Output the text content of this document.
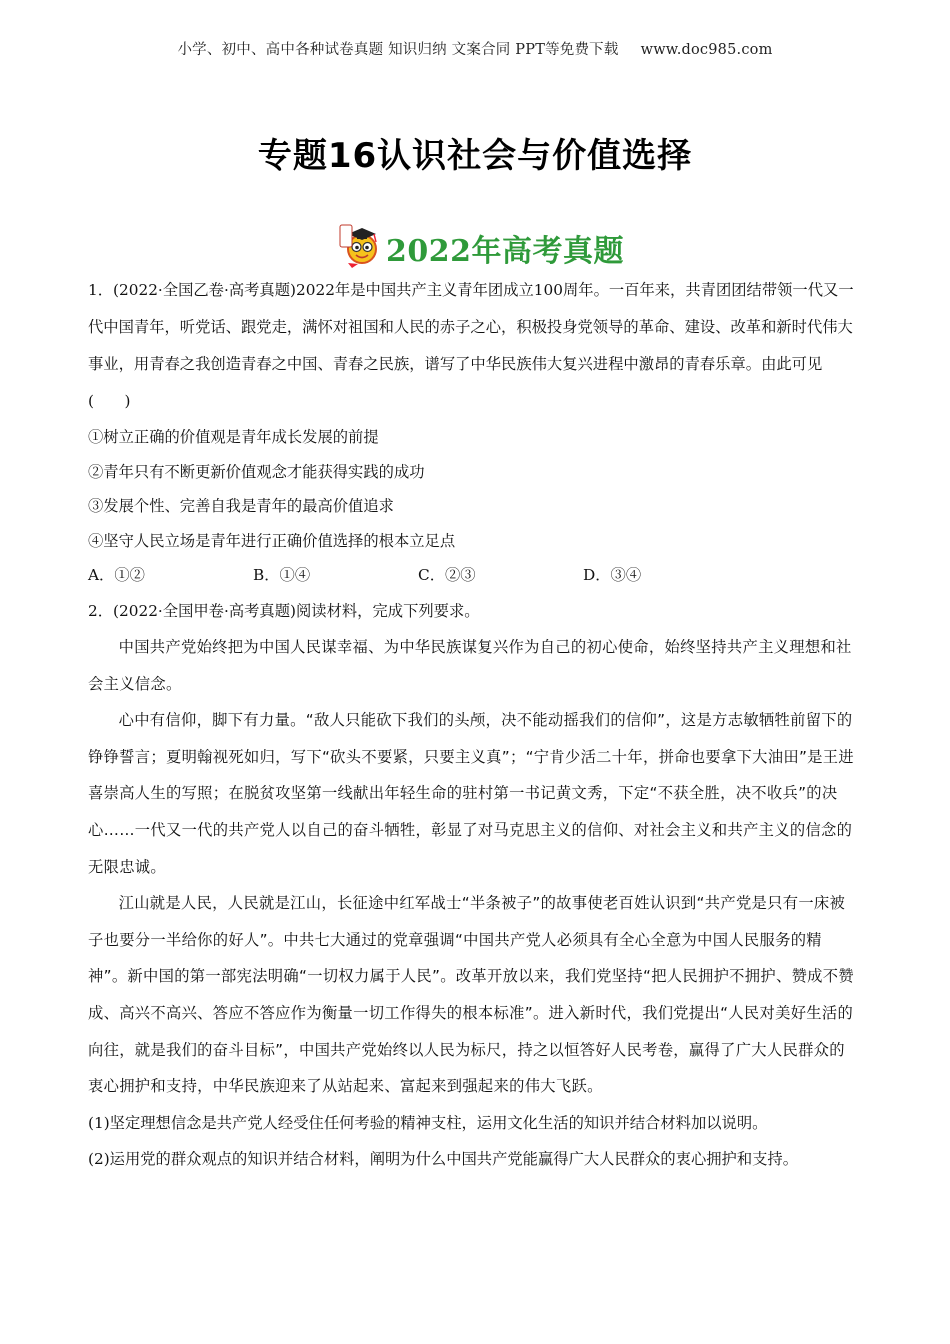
小学、初中、高中各种试卷真题 知识归纳 文案合同 PPT等免费下载 www.doc985.com
专题16认识社会与价值选择
2022年高考真题

1．(2022·全国乙卷·高考真题)2022年是中国共产主义青年团成立100周年。一百年来，共青团团结带领一代又一代中国青年，听党话、跟党走，满怀对祖国和人民的赤子之心，积极投身党领导的革命、建设、改革和新时代伟大事业，用青春之我创造青春之中国、青春之民族，谱写了中华民族伟大复兴进程中激昂的青春乐章。由此可见(　　)

①树立正确的价值观是青年成长发展的前提

②青年只有不断更新价值观念才能获得实践的成功

③发展个性、完善自我是青年的最高价值追求

④坚守人民立场是青年进行正确价值选择的根本立足点

A．①②	B．①④	C．②③	D．③④

2．(2022·全国甲卷·高考真题)阅读材料，完成下列要求。

中国共产党始终把为中国人民谋幸福、为中华民族谋复兴作为自己的初心使命，始终坚持共产主义理想和社会主义信念。

心中有信仰，脚下有力量。“敌人只能砍下我们的头颅，决不能动摇我们的信仰”，这是方志敏牺牲前留下的铮铮誓言；夏明翰视死如归，写下“砍头不要紧，只要主义真”；“宁肯少活二十年，拼命也要拿下大油田”是王进喜崇高人生的写照；在脱贫攻坚第一线献出年轻生命的驻村第一书记黄文秀，下定“不获全胜，决不收兵”的决心……一代又一代的共产党人以自己的奋斗牺牲，彰显了对马克思主义的信仰、对社会主义和共产主义的信念的无限忠诚。

江山就是人民，人民就是江山，长征途中红军战士“半条被子”的故事使老百姓认识到“共产党是只有一床被子也要分一半给你的好人”。中共七大通过的党章强调“中国共产党人必须具有全心全意为中国人民服务的精神”。新中国的第一部宪法明确“一切权力属于人民”。改革开放以来，我们党坚持“把人民拥护不拥护、赞成不赞成、高兴不高兴、答应不答应作为衡量一切工作得失的根本标准”。进入新时代，我们党提出“人民对美好生活的向往，就是我们的奋斗目标”，中国共产党始终以人民为标尺，持之以恒答好人民考卷，赢得了广大人民群众的衷心拥护和支持，中华民族迎来了从站起来、富起来到强起来的伟大飞跃。

(1)坚定理想信念是共产党人经受住任何考验的精神支柱，运用文化生活的知识并结合材料加以说明。

(2)运用党的群众观点的知识并结合材料，阐明为什么中国共产党能赢得广大人民群众的衷心拥护和支持。
